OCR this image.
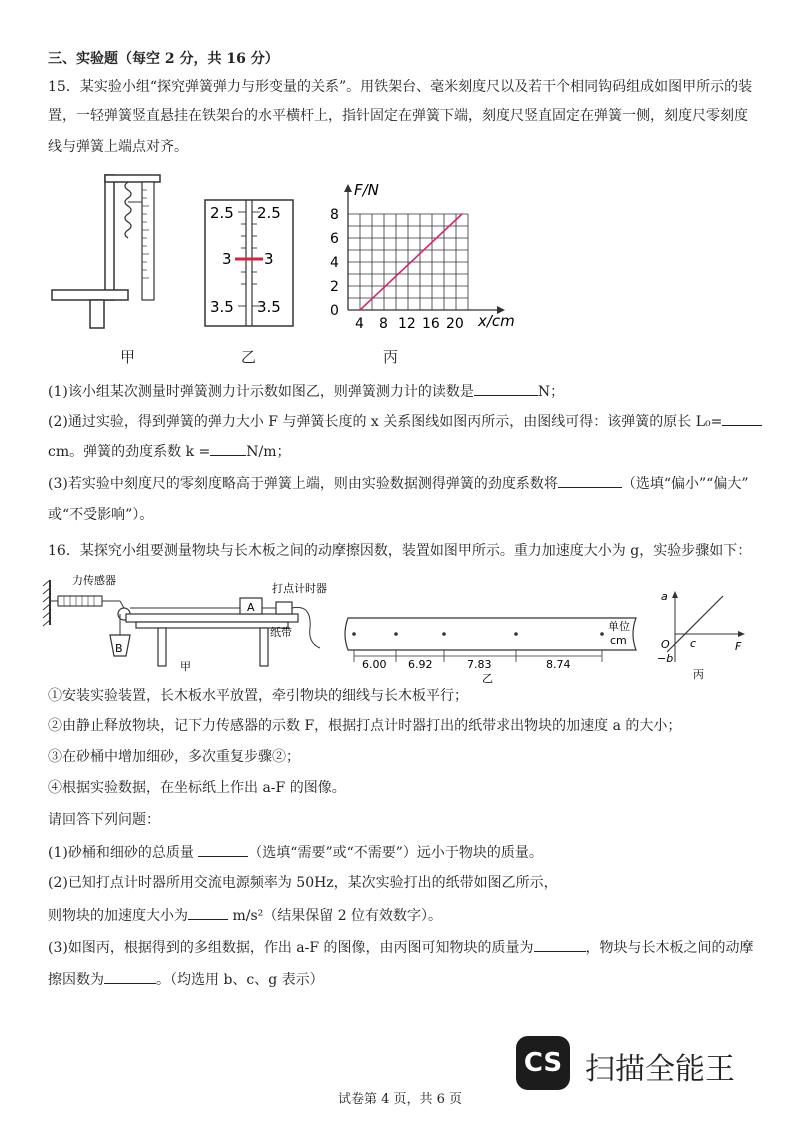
三、实验题（每空 2 分，共 16 分）
15．某实验小组“探究弹簧弹力与形变量的关系”。用铁架台、毫米刻度尺以及若干个相同钩码组成如图甲所示的装
置，一轻弹簧竖直悬挂在铁架台的水平横杆上，指针固定在弹簧下端，刻度尺竖直固定在弹簧一侧，刻度尺零刻度
线与弹簧上端点对齐。
2.5 2.5
3 3
3.5 3.5
F/N
x/cm
8
6
4
2
0
4 8 12 16 20
甲	乙	丙
(1)该小组某次测量时弹簧测力计示数如图乙，则弹簧测力计的读数是	N；
(2)通过实验，得到弹簧的弹力大小 F 与弹簧长度的 x 关系图线如图丙所示，由图线可得：该弹簧的原长 L₀=
cm。弹簧的劲度系数 k =	N/m；
(3)若实验中刻度尺的零刻度略高于弹簧上端，则由实验数据测得弹簧的劲度系数将	（选填“偏小”“偏大”
或“不受影响”）。
16．某探究小组要测量物块与长木板之间的动摩擦因数，装置如图甲所示。重力加速度大小为 g，实验步骤如下：
B
A
力传感器
打点计时器
纸带
甲	6.00 6.92	7.83	8.74
单位
cm
乙
a
F
O c
−b
丙
①安装实验装置，长木板水平放置，牵引物块的细线与长木板平行；
②由静止释放物块，记下力传感器的示数 F，根据打点计时器打出的纸带求出物块的加速度 a 的大小；
③在砂桶中增加细砂，多次重复步骤②；
④根据实验数据，在坐标纸上作出 a-F 的图像。
请回答下列问题：
(1)砂桶和细砂的总质量	（选填“需要”或“不需要”）远小于物块的质量。
(2)已知打点计时器所用交流电源频率为 50Hz，某次实验打出的纸带如图乙所示，
则物块的加速度大小为	m/s²（结果保留 2 位有效数字）。
(3)如图丙，根据得到的多组数据，作出 a-F 的图像，由丙图可知物块的质量为	，物块与长木板之间的动摩
擦因数为	。（均选用 b、c、g 表示）
CS 扫描全能王
试卷第 4 页，共 6 页
